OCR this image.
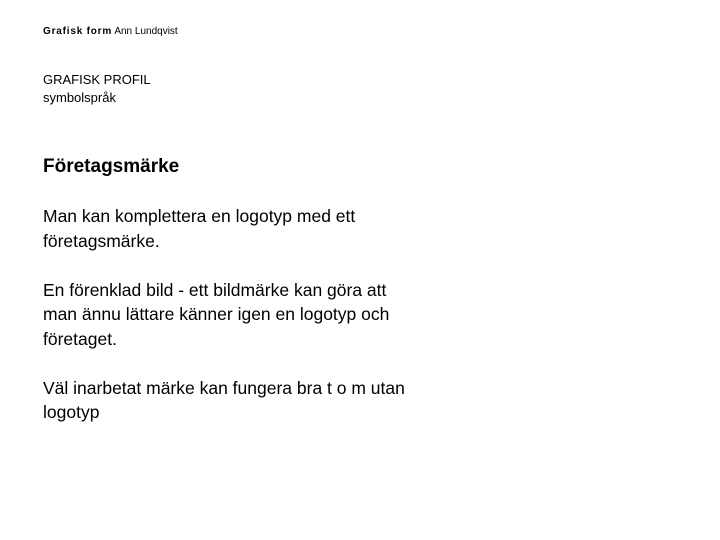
Grafisk form Ann Lundqvist
GRAFISK PROFIL
symbolspråk
Företagsmärke

Man kan komplettera en logotyp med ett
företagsmärke.

En förenklad bild - ett bildmärke kan göra att
man ännu lättare känner igen en logotyp och
företaget.

Väl inarbetat märke kan fungera bra t o m utan
logotyp
